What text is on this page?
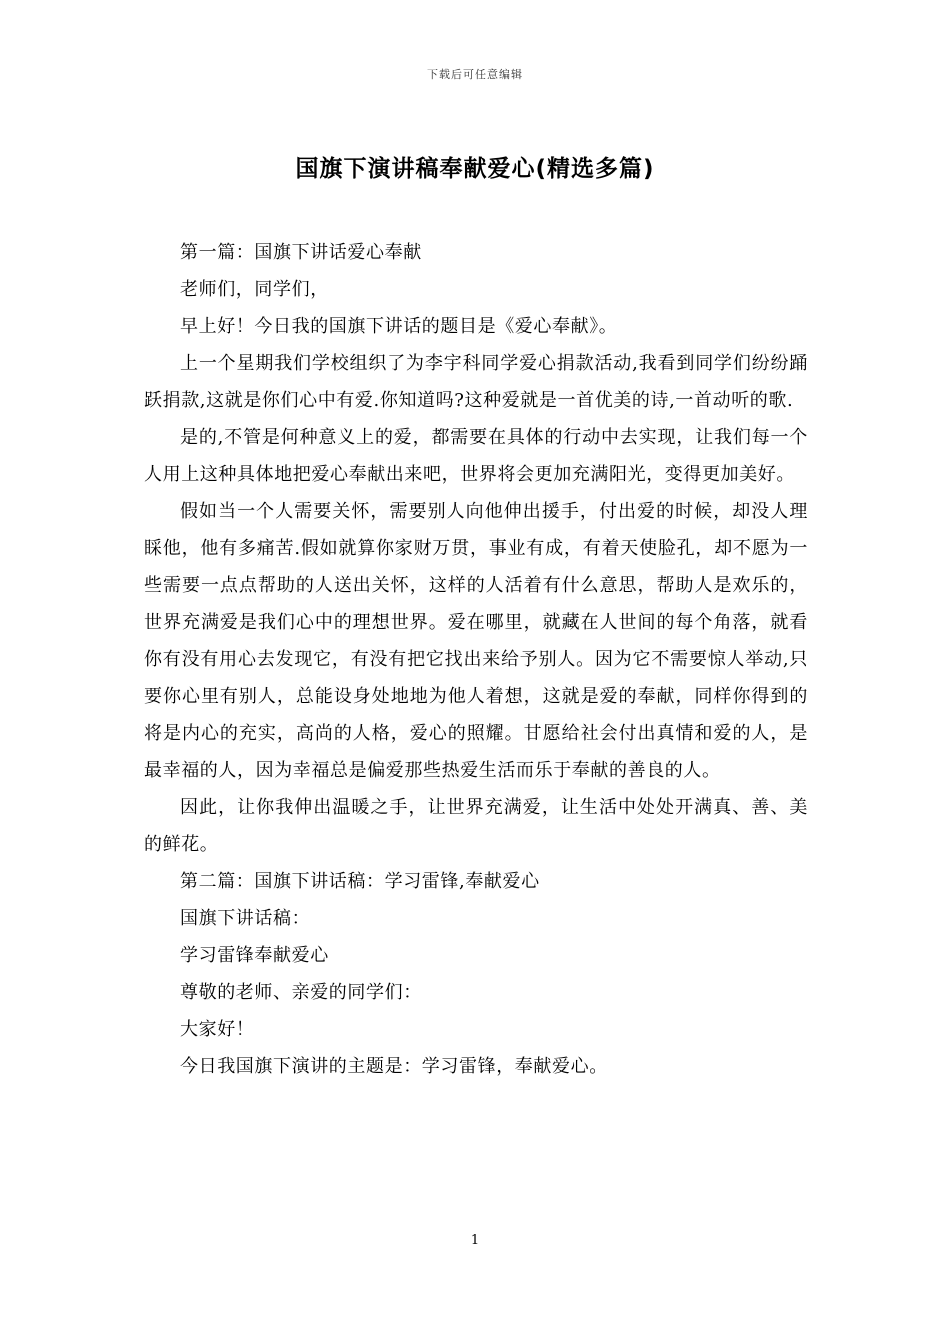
下载后可任意编辑
国旗下演讲稿奉献爱心(精选多篇)

第一篇：国旗下讲话爱心奉献

老师们，同学们，

早上好！今日我的国旗下讲话的题目是《爱心奉献》。

上一个星期我们学校组织了为李宇科同学爱心捐款活动,我看到同学们纷纷踊跃捐款,这就是你们心中有爱.你知道吗?这种爱就是一首优美的诗,一首动听的歌.

是的,不管是何种意义上的爱，都需要在具体的行动中去实现，让我们每一个人用上这种具体地把爱心奉献出来吧，世界将会更加充满阳光，变得更加美好。

假如当一个人需要关怀，需要别人向他伸出援手，付出爱的时候，却没人理睬他，他有多痛苦.假如就算你家财万贯，事业有成，有着天使脸孔，却不愿为一些需要一点点帮助的人送出关怀，这样的人活着有什么意思，帮助人是欢乐的，世界充满爱是我们心中的理想世界。爱在哪里，就藏在人世间的每个角落，就看你有没有用心去发现它，有没有把它找出来给予别人。因为它不需要惊人举动,只要你心里有别人，总能设身处地地为他人着想，这就是爱的奉献，同样你得到的将是内心的充实，高尚的人格，爱心的照耀。甘愿给社会付出真情和爱的人，是最幸福的人，因为幸福总是偏爱那些热爱生活而乐于奉献的善良的人。

因此，让你我伸出温暖之手，让世界充满爱，让生活中处处开满真、善、美的鲜花。

第二篇：国旗下讲话稿：学习雷锋,奉献爱心

国旗下讲话稿：

学习雷锋奉献爱心

尊敬的老师、亲爱的同学们：

大家好！

今日我国旗下演讲的主题是：学习雷锋，奉献爱心。

1
